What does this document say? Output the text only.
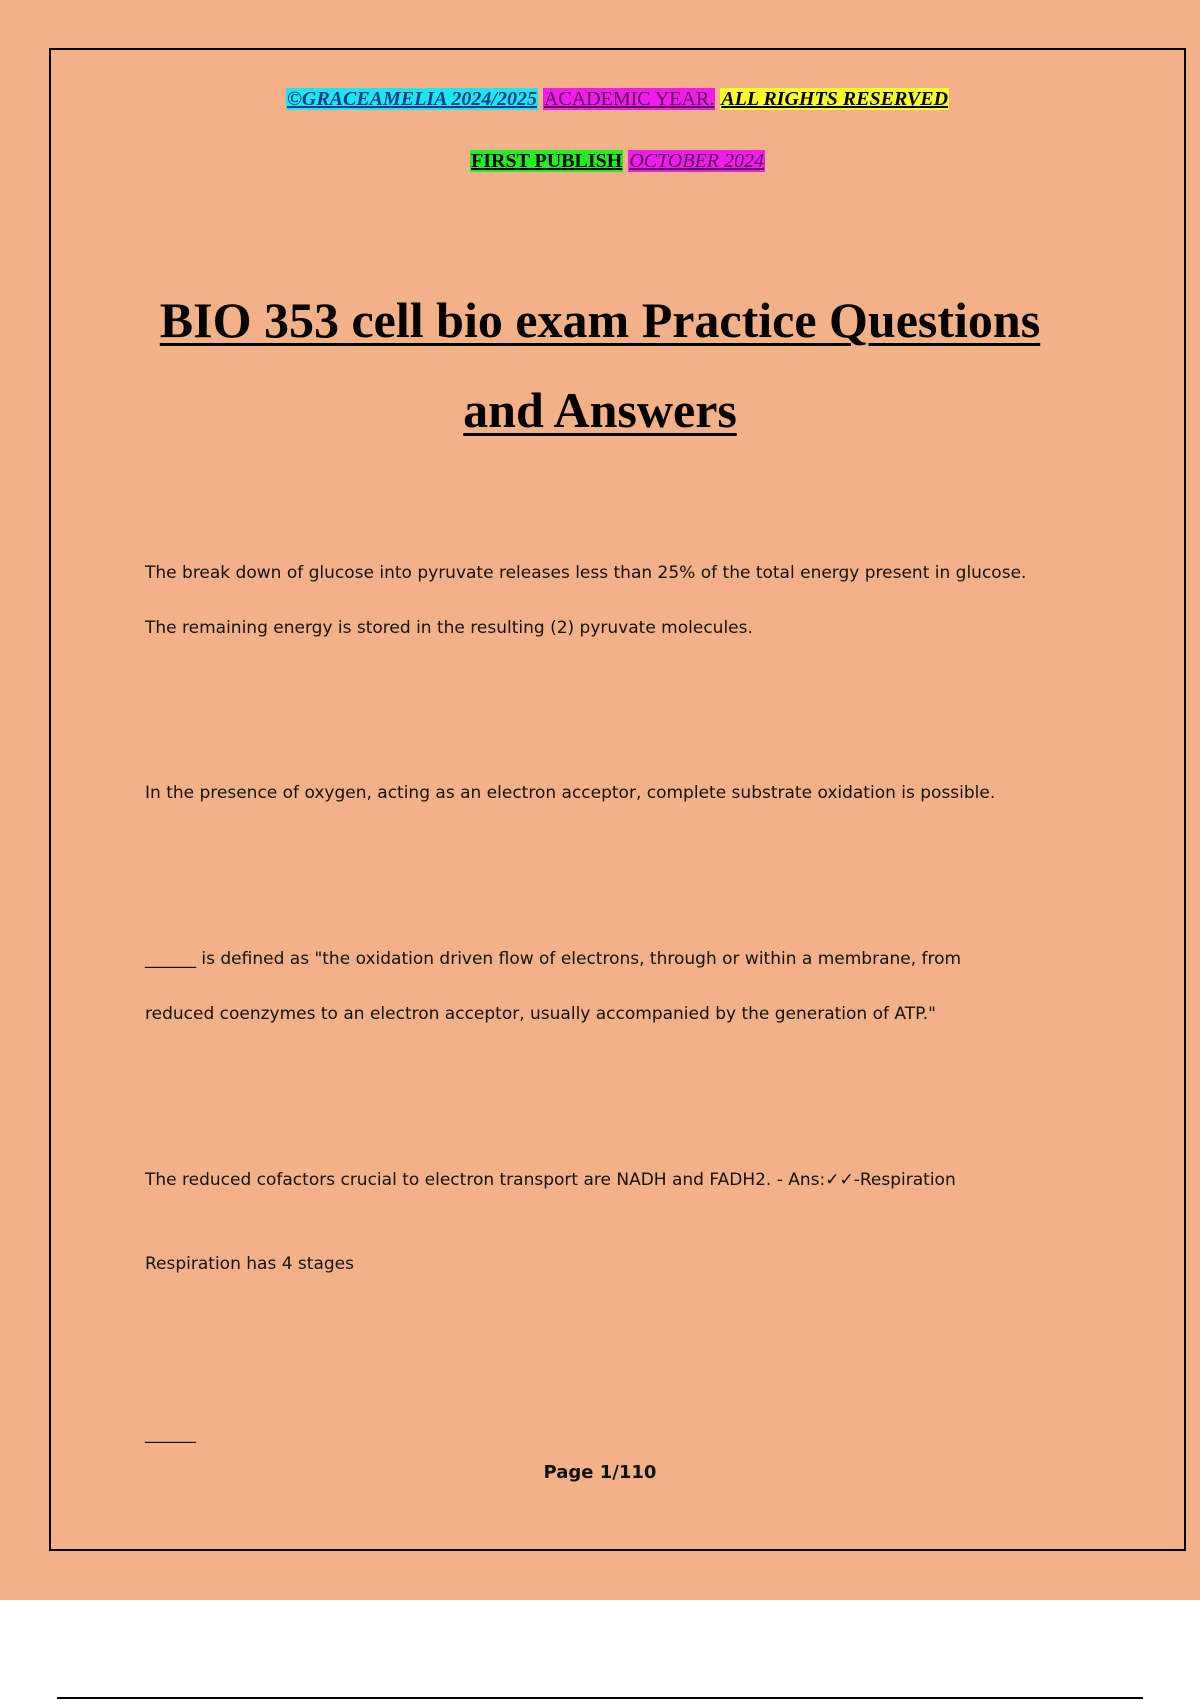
©GRACEAMELIA 2024/2025 ACADEMIC YEAR. ALL RIGHTS RESERVED
FIRST PUBLISH OCTOBER 2024
BIO 353 cell bio exam Practice Questions
and Answers
The break down of glucose into pyruvate releases less than 25% of the total energy present in glucose.
The remaining energy is stored in the resulting (2) pyruvate molecules.
In the presence of oxygen, acting as an electron acceptor, complete substrate oxidation is possible.
______ is defined as "the oxidation driven flow of electrons, through or within a membrane, from
reduced coenzymes to an electron acceptor, usually accompanied by the generation of ATP."
The reduced cofactors crucial to electron transport are NADH and FADH2. - Ans:✓✓-Respiration
Respiration has 4 stages
______
Page 1/110
